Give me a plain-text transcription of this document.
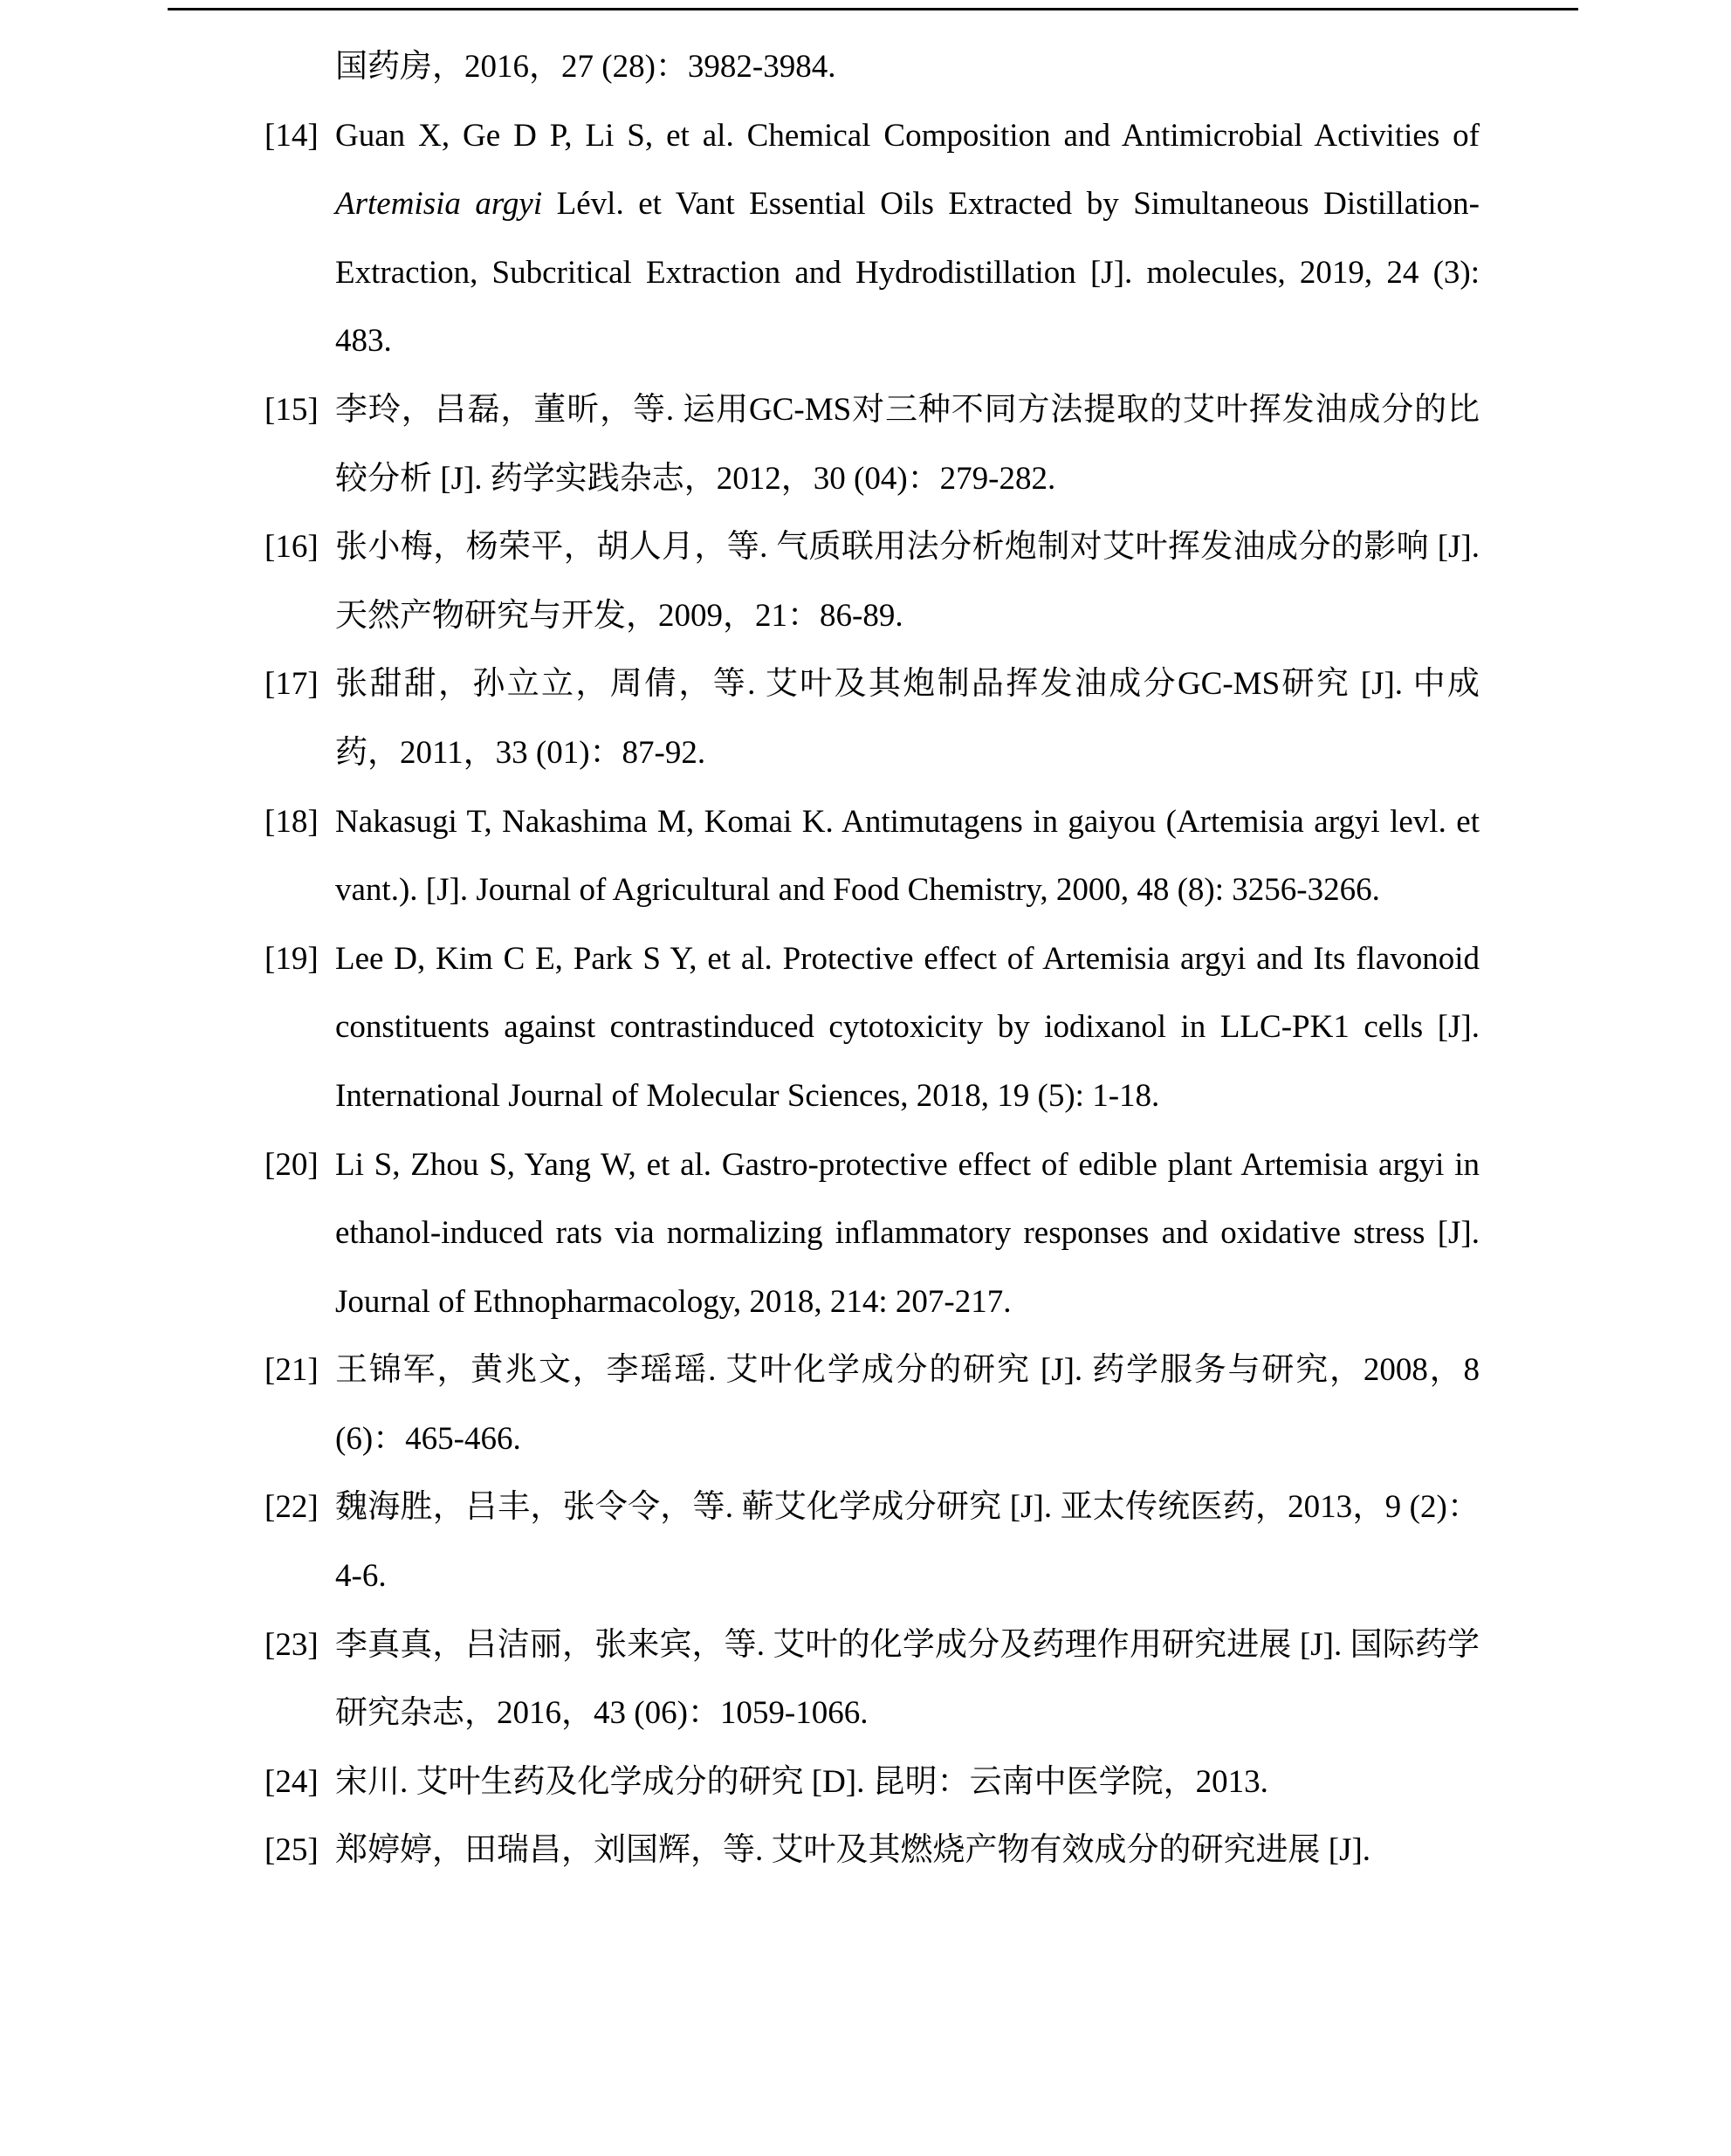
国药房，2016，27 (28)：3982-3984.

[14] Guan X, Ge D P, Li S, et al. Chemical Composition and Antimicrobial Activities of Artemisia argyi Lévl. et Vant Essential Oils Extracted by Simultaneous Distillation-Extraction, Subcritical Extraction and Hydrodistillation [J]. molecules, 2019, 24 (3): 483.

[15] 李玲，吕磊，董昕，等. 运用GC-MS对三种不同方法提取的艾叶挥发油成分的比较分析 [J]. 药学实践杂志，2012，30 (04)：279-282.

[16] 张小梅，杨荣平，胡人月，等. 气质联用法分析炮制对艾叶挥发油成分的影响 [J]. 天然产物研究与开发，2009，21：86-89.

[17] 张甜甜，孙立立，周倩，等. 艾叶及其炮制品挥发油成分GC-MS研究 [J]. 中成药，2011，33 (01)：87-92.

[18] Nakasugi T, Nakashima M, Komai K. Antimutagens in gaiyou (Artemisia argyi levl. et vant.). [J]. Journal of Agricultural and Food Chemistry, 2000, 48 (8): 3256-3266.

[19] Lee D, Kim C E, Park S Y, et al. Protective effect of Artemisia argyi and Its flavonoid constituents against contrastinduced cytotoxicity by iodixanol in LLC-PK1 cells [J]. International Journal of Molecular Sciences, 2018, 19 (5): 1-18.

[20] Li S, Zhou S, Yang W, et al. Gastro-protective effect of edible plant Artemisia argyi in ethanol-induced rats via normalizing inflammatory responses and oxidative stress [J]. Journal of Ethnopharmacology, 2018, 214: 207-217.

[21] 王锦军，黄兆文，李瑶瑶. 艾叶化学成分的研究 [J]. 药学服务与研究，2008，8 (6)：465-466.

[22] 魏海胜，吕丰，张令令，等. 蕲艾化学成分研究 [J]. 亚太传统医药，2013，9 (2)：4-6.

[23] 李真真，吕洁丽，张来宾，等. 艾叶的化学成分及药理作用研究进展 [J]. 国际药学研究杂志，2016，43 (06)：1059-1066.

[24] 宋川. 艾叶生药及化学成分的研究 [D]. 昆明：云南中医学院，2013.

[25] 郑婷婷，田瑞昌，刘国辉，等. 艾叶及其燃烧产物有效成分的研究进展 [J].
